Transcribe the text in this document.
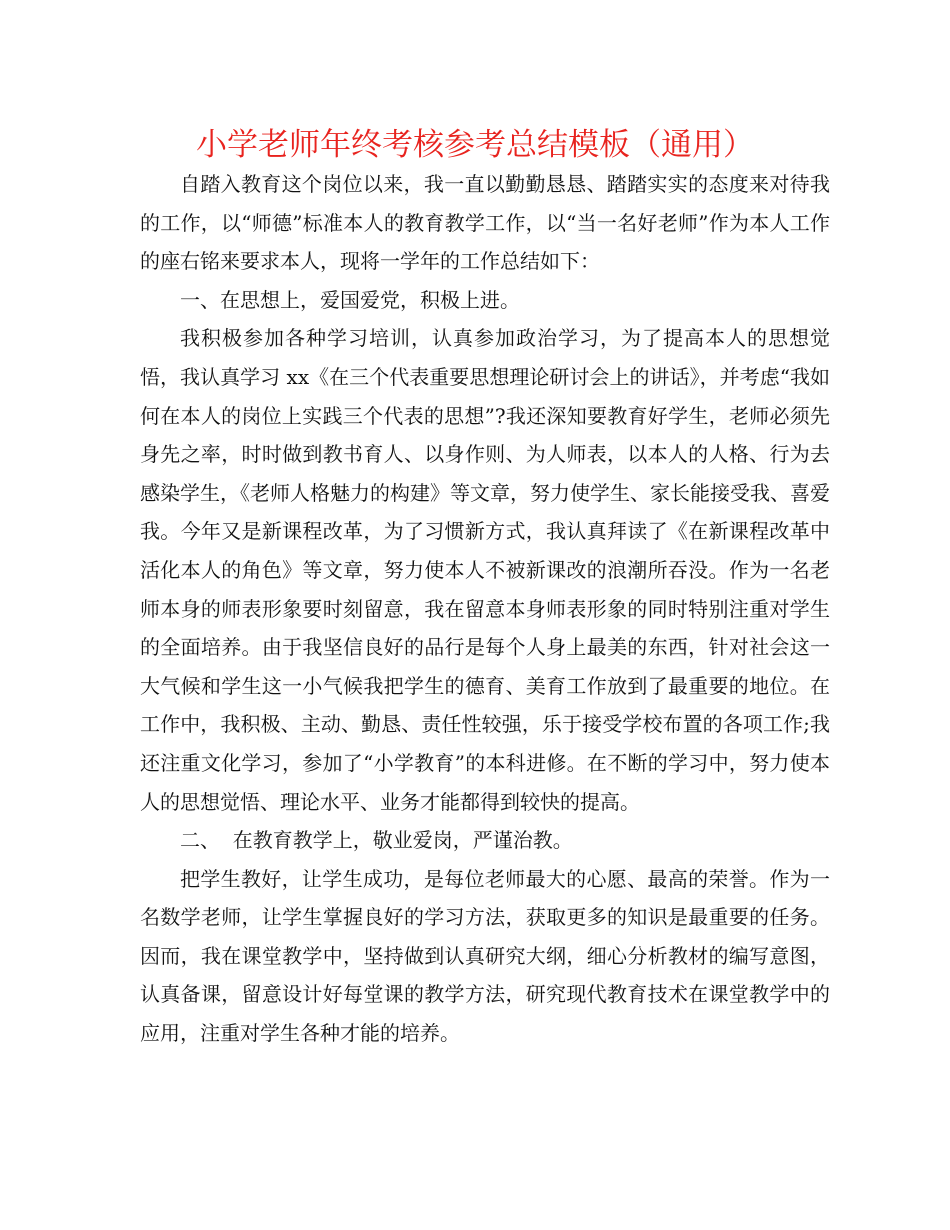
小学老师年终考核参考总结模板（通用）

自踏入教育这个岗位以来，我一直以勤勤恳恳、踏踏实实的态度来对待我的工作，以“师德”标准本人的教育教学工作，以“当一名好老师”作为本人工作的座右铭来要求本人，现将一学年的工作总结如下：

一、在思想上，爱国爱党，积极上进。

我积极参加各种学习培训，认真参加政治学习，为了提高本人的思想觉悟，我认真学习 xx《在三个代表重要思想理论研讨会上的讲话》，并考虑“我如何在本人的岗位上实践三个代表的思想”?我还深知要教育好学生，老师必须先身先之率，时时做到教书育人、以身作则、为人师表，以本人的人格、行为去感染学生，《老师人格魅力的构建》等文章，努力使学生、家长能接受我、喜爱我。今年又是新课程改革，为了习惯新方式，我认真拜读了《在新课程改革中活化本人的角色》等文章，努力使本人不被新课改的浪潮所吞没。作为一名老师本身的师表形象要时刻留意，我在留意本身师表形象的同时特别注重对学生的全面培养。由于我坚信良好的品行是每个人身上最美的东西，针对社会这一大气候和学生这一小气候我把学生的德育、美育工作放到了最重要的地位。在工作中，我积极、主动、勤恳、责任性较强，乐于接受学校布置的各项工作;我还注重文化学习，参加了“小学教育”的本科进修。在不断的学习中，努力使本人的思想觉悟、理论水平、业务才能都得到较快的提高。

二、  在教育教学上，敬业爱岗，严谨治教。

把学生教好，让学生成功，是每位老师最大的心愿、最高的荣誉。作为一名数学老师，让学生掌握良好的学习方法，获取更多的知识是最重要的任务。因而，我在课堂教学中，坚持做到认真研究大纲，细心分析教材的编写意图，认真备课，留意设计好每堂课的教学方法，研究现代教育技术在课堂教学中的应用，注重对学生各种才能的培养。
